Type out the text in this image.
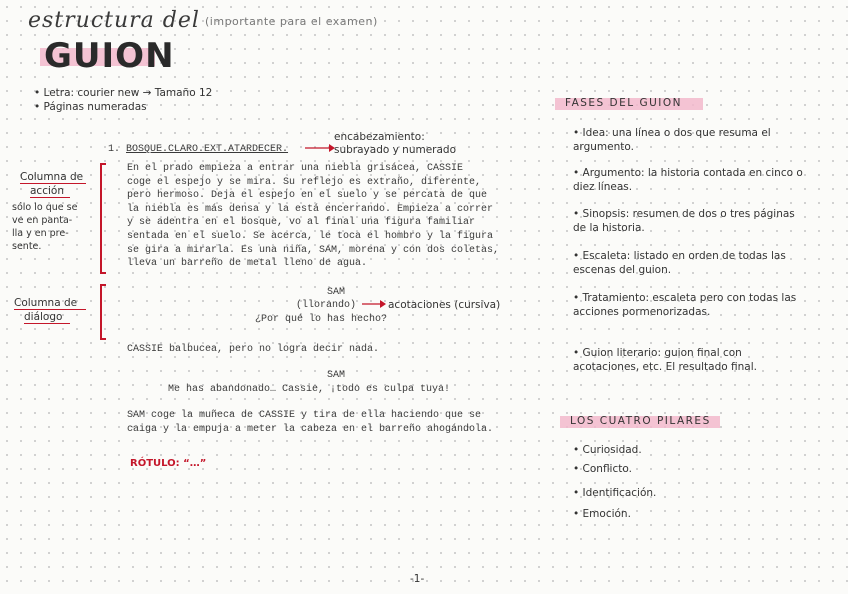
estructura del (importante para el examen)
GUION
• Letra: courier new → Tamaño 12
• Páginas numeradas
1. BOSQUE.CLARO.EXT.ATARDECER.
encabezamiento:
subrayado y numerado
En el prado empieza a entrar una niebla grisácea, CASSIE
coge el espejo y se mira. Su reflejo es extraño, diferente,
pero hermoso. Deja el espejo en el suelo y se percata de que
la niebla es más densa y la está encerrando. Empieza a correr
y se adentra en el bosque, vo al final una figura familiar
sentada en el suelo. Se acerca, le toca el hombro y la figura
se gira a mirarla. Es una niña, SAM, morena y con dos coletas,
lleva un barreño de metal lleno de agua.
Columna de
acción
sólo lo que se
ve en panta-
lla y en pre-
sente.
Columna de
diálogo
SAM
(llorando)	acotaciones (cursiva)
¿Por qué lo has hecho?
CASSIE balbucea, pero no logra decir nada.
SAM
Me has abandonado… Cassie, ¡todo es culpa tuya!
SAM coge la muñeca de CASSIE y tira de ella haciendo que se
caiga y la empuja a meter la cabeza en el barreño ahogándola.
RÓTULO: “…”
FASES DEL GUION
• Idea: una línea o dos que resuma el argumento.
• Argumento: la historia contada en cinco o diez líneas.
• Sinopsis: resumen de dos o tres páginas de la historia.
• Escaleta: listado en orden de todas las escenas del guion.
• Tratamiento: escaleta pero con todas las acciones pormenorizadas.
• Guion literario: guion final con acotaciones, etc. El resultado final.
LOS CUATRO PILARES
• Curiosidad.
• Conflicto.
• Identificación.
• Emoción.
-1-
